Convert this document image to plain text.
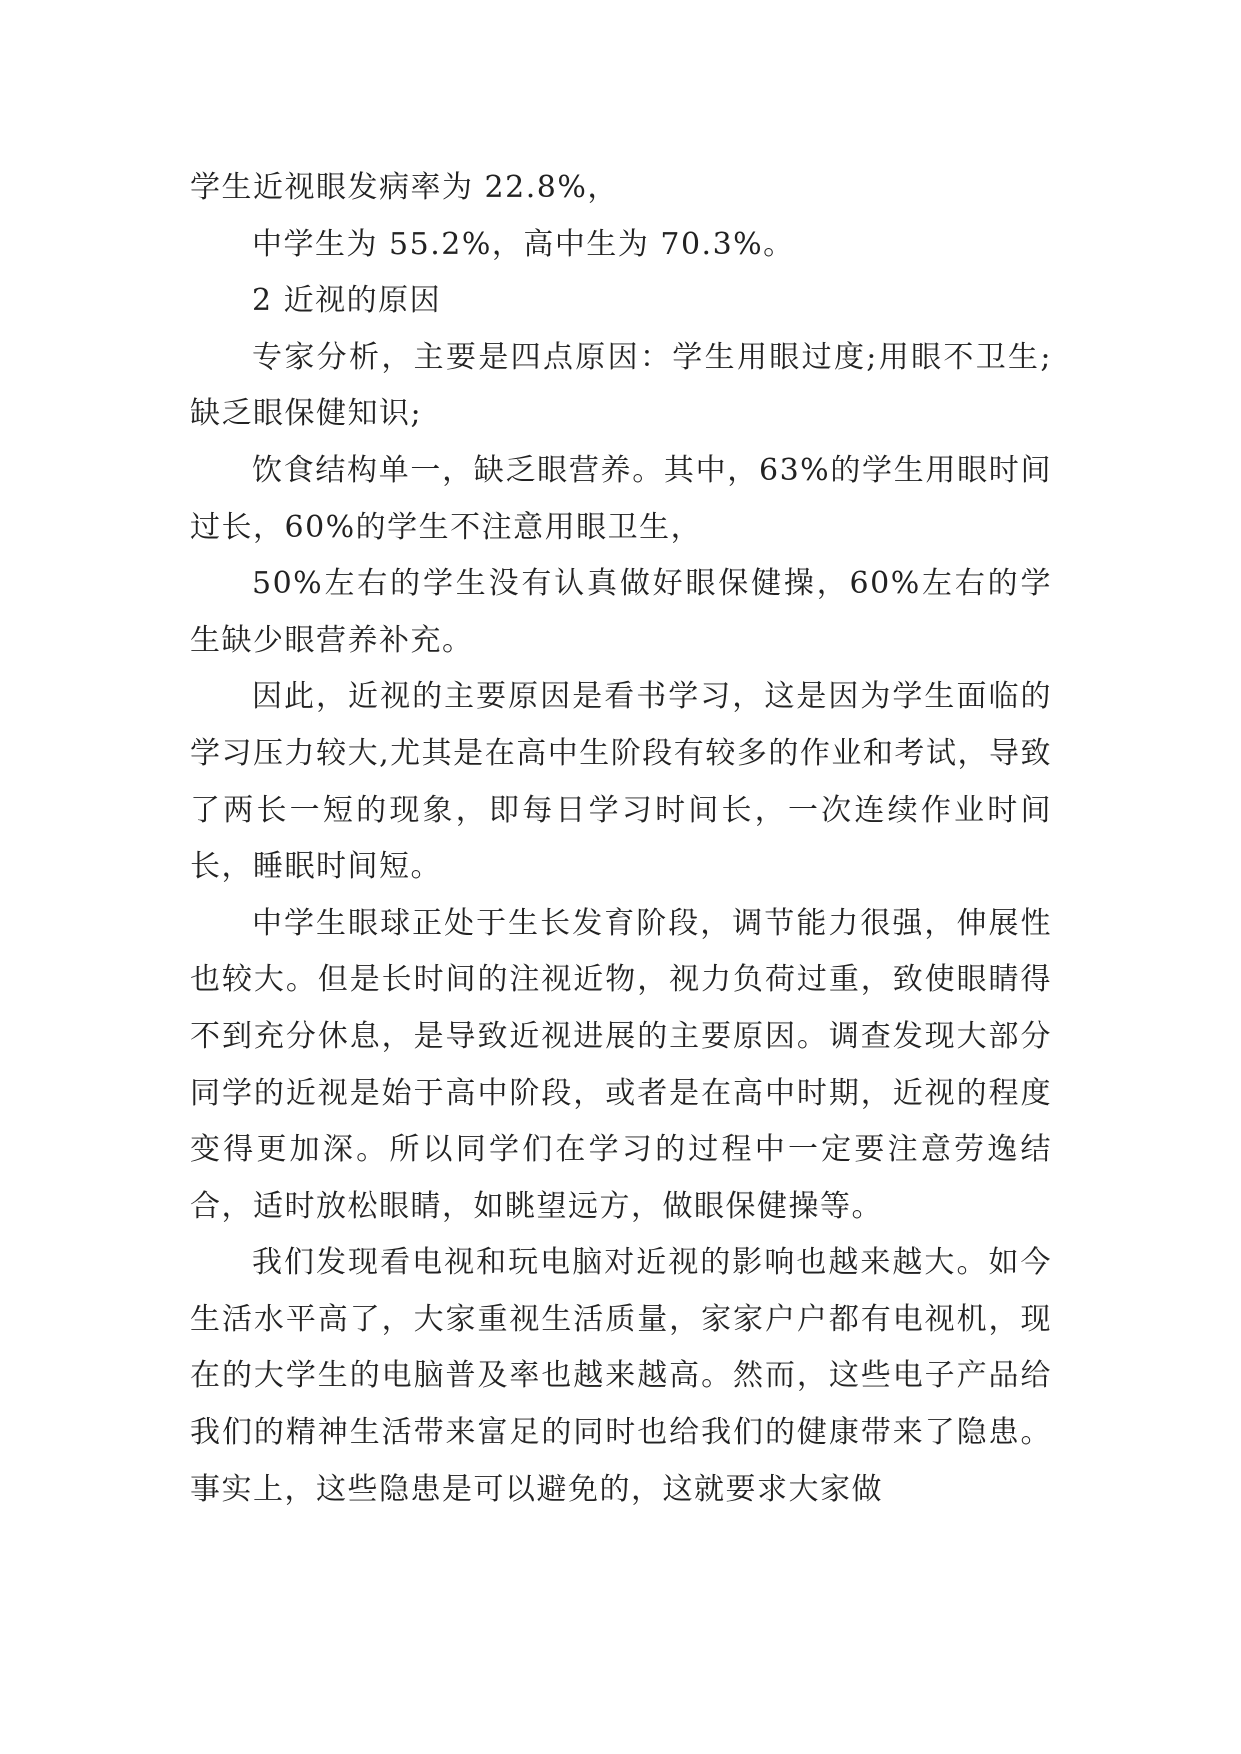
学生近视眼发病率为 22.8%，

中学生为 55.2%，高中生为 70.3%。

2 近视的原因

专家分析，主要是四点原因：学生用眼过度;用眼不卫生;缺乏眼保健知识;

饮食结构单一，缺乏眼营养。其中，63%的学生用眼时间过长，60%的学生不注意用眼卫生，

50%左右的学生没有认真做好眼保健操，60%左右的学生缺少眼营养补充。

因此，近视的主要原因是看书学习，这是因为学生面临的学习压力较大,尤其是在高中生阶段有较多的作业和考试，导致了两长一短的现象，即每日学习时间长，一次连续作业时间长，睡眠时间短。

中学生眼球正处于生长发育阶段，调节能力很强，伸展性也较大。但是长时间的注视近物，视力负荷过重，致使眼睛得不到充分休息，是导致近视进展的主要原因。调查发现大部分同学的近视是始于高中阶段，或者是在高中时期，近视的程度变得更加深。所以同学们在学习的过程中一定要注意劳逸结合，适时放松眼睛，如眺望远方，做眼保健操等。

我们发现看电视和玩电脑对近视的影响也越来越大。如今生活水平高了，大家重视生活质量，家家户户都有电视机，现在的大学生的电脑普及率也越来越高。然而，这些电子产品给我们的精神生活带来富足的同时也给我们的健康带来了隐患。事实上，这些隐患是可以避免的，这就要求大家做
